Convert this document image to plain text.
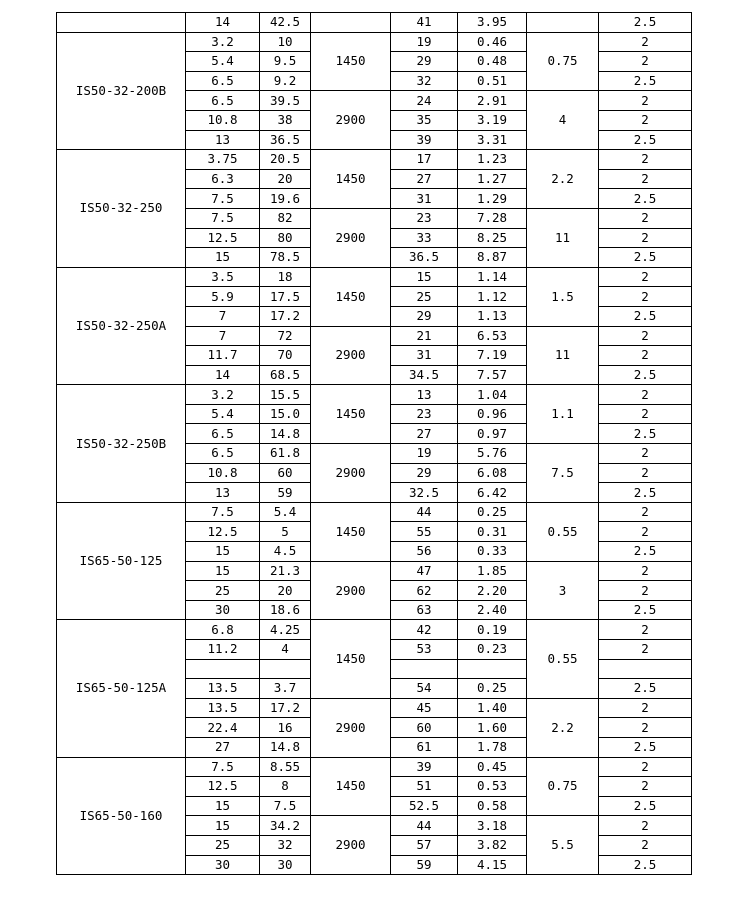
	14	42.5		41	3.95		2.5
IS50-32-200B	3.2	10	1450	19	0.46	0.75	2
	5.4	9.5		29	0.48		2
	6.5	9.2		32	0.51		2.5
	6.5	39.5	2900	24	2.91	4	2
	10.8	38		35	3.19		2
	13	36.5		39	3.31		2.5
IS50-32-250	3.75	20.5	1450	17	1.23	2.2	2
	6.3	20		27	1.27		2
	7.5	19.6		31	1.29		2.5
	7.5	82	2900	23	7.28	11	2
	12.5	80		33	8.25		2
	15	78.5		36.5	8.87		2.5
IS50-32-250A	3.5	18	1450	15	1.14	1.5	2
	5.9	17.5		25	1.12		2
	7	17.2		29	1.13		2.5
	7	72	2900	21	6.53	11	2
	11.7	70		31	7.19		2
	14	68.5		34.5	7.57		2.5
IS50-32-250B	3.2	15.5	1450	13	1.04	1.1	2
	5.4	15.0		23	0.96		2
	6.5	14.8		27	0.97		2.5
	6.5	61.8	2900	19	5.76	7.5	2
	10.8	60		29	6.08		2
	13	59		32.5	6.42		2.5
IS65-50-125	7.5	5.4	1450	44	0.25	0.55	2
	12.5	5		55	0.31		2
	15	4.5		56	0.33		2.5
	15	21.3	2900	47	1.85	3	2
	25	20		62	2.20		2
	30	18.6		63	2.40		2.5
IS65-50-125A	6.8	4.25	1450	42	0.19	0.55	2
	11.2	4		53	0.23		2

	13.5	3.7		54	0.25		2.5
	13.5	17.2	2900	45	1.40	2.2	2
	22.4	16		60	1.60		2
	27	14.8		61	1.78		2.5
IS65-50-160	7.5	8.55	1450	39	0.45	0.75	2
	12.5	8		51	0.53		2
	15	7.5		52.5	0.58		2.5
	15	34.2	2900	44	3.18	5.5	2
	25	32		57	3.82		2
	30	30		59	4.15		2.5
